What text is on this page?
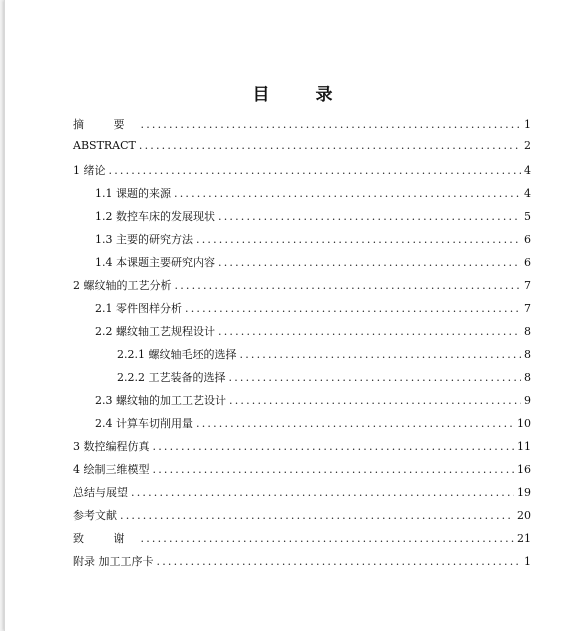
目 录
摘 要 .....	1
ABSTRACT .....	2
1 绪论 .....	4
1.1 课题的来源 .....	4
1.2 数控车床的发展现状 .....	5
1.3 主要的研究方法 .....	6
1.4 本课题主要研究内容 .....	6
2 螺纹轴的工艺分析 .....	7
2.1 零件图样分析 .....	7
2.2 螺纹轴工艺规程设计 .....	8
2.2.1 螺纹轴毛坯的选择 .....	8
2.2.2 工艺装备的选择 .....	8
2.3 螺纹轴的加工工艺设计 .....	9
2.4 计算车切削用量 .....	10
3 数控编程仿真 .....	11
4 绘制三维模型 .....	16
总结与展望 .....	19
参考文献 .....	20
致 谢 .....	21
附录 加工工序卡 .....	1
